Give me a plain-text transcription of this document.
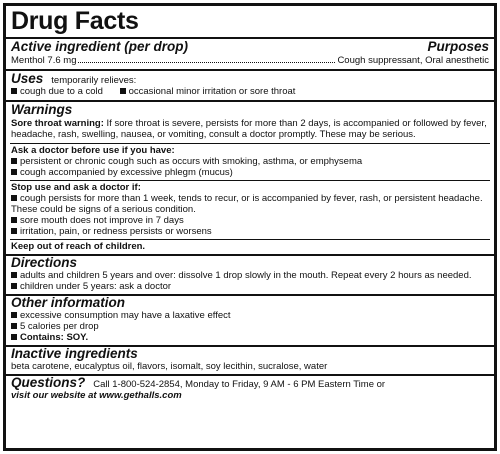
Drug Facts
Active ingredient (per drop)	Purposes
Menthol 7.6 mg	Cough suppressant, Oral anesthetic
Uses temporarily relieves:
cough due to a cold	occasional minor irritation or sore throat
Warnings
Sore throat warning: If sore throat is severe, persists for more than 2 days, is accompanied or followed by fever, headache, rash, swelling, nausea, or vomiting, consult a doctor promptly. These may be serious.
Ask a doctor before use if you have:
persistent or chronic cough such as occurs with smoking, asthma, or emphysema
cough accompanied by excessive phlegm (mucus)
Stop use and ask a doctor if:
cough persists for more than 1 week, tends to recur, or is accompanied by fever, rash, or persistent headache. These could be signs of a serious condition.
sore mouth does not improve in 7 days
irritation, pain, or redness persists or worsens
Keep out of reach of children.
Directions
adults and children 5 years and over: dissolve 1 drop slowly in the mouth. Repeat every 2 hours as needed.
children under 5 years: ask a doctor
Other information
excessive consumption may have a laxative effect
5 calories per drop
Contains: SOY.
Inactive ingredients
beta carotene, eucalyptus oil, flavors, isomalt, soy lecithin, sucralose, water
Questions? Call 1-800-524-2854, Monday to Friday, 9 AM - 6 PM Eastern Time or
visit our website at www.gethalls.com
